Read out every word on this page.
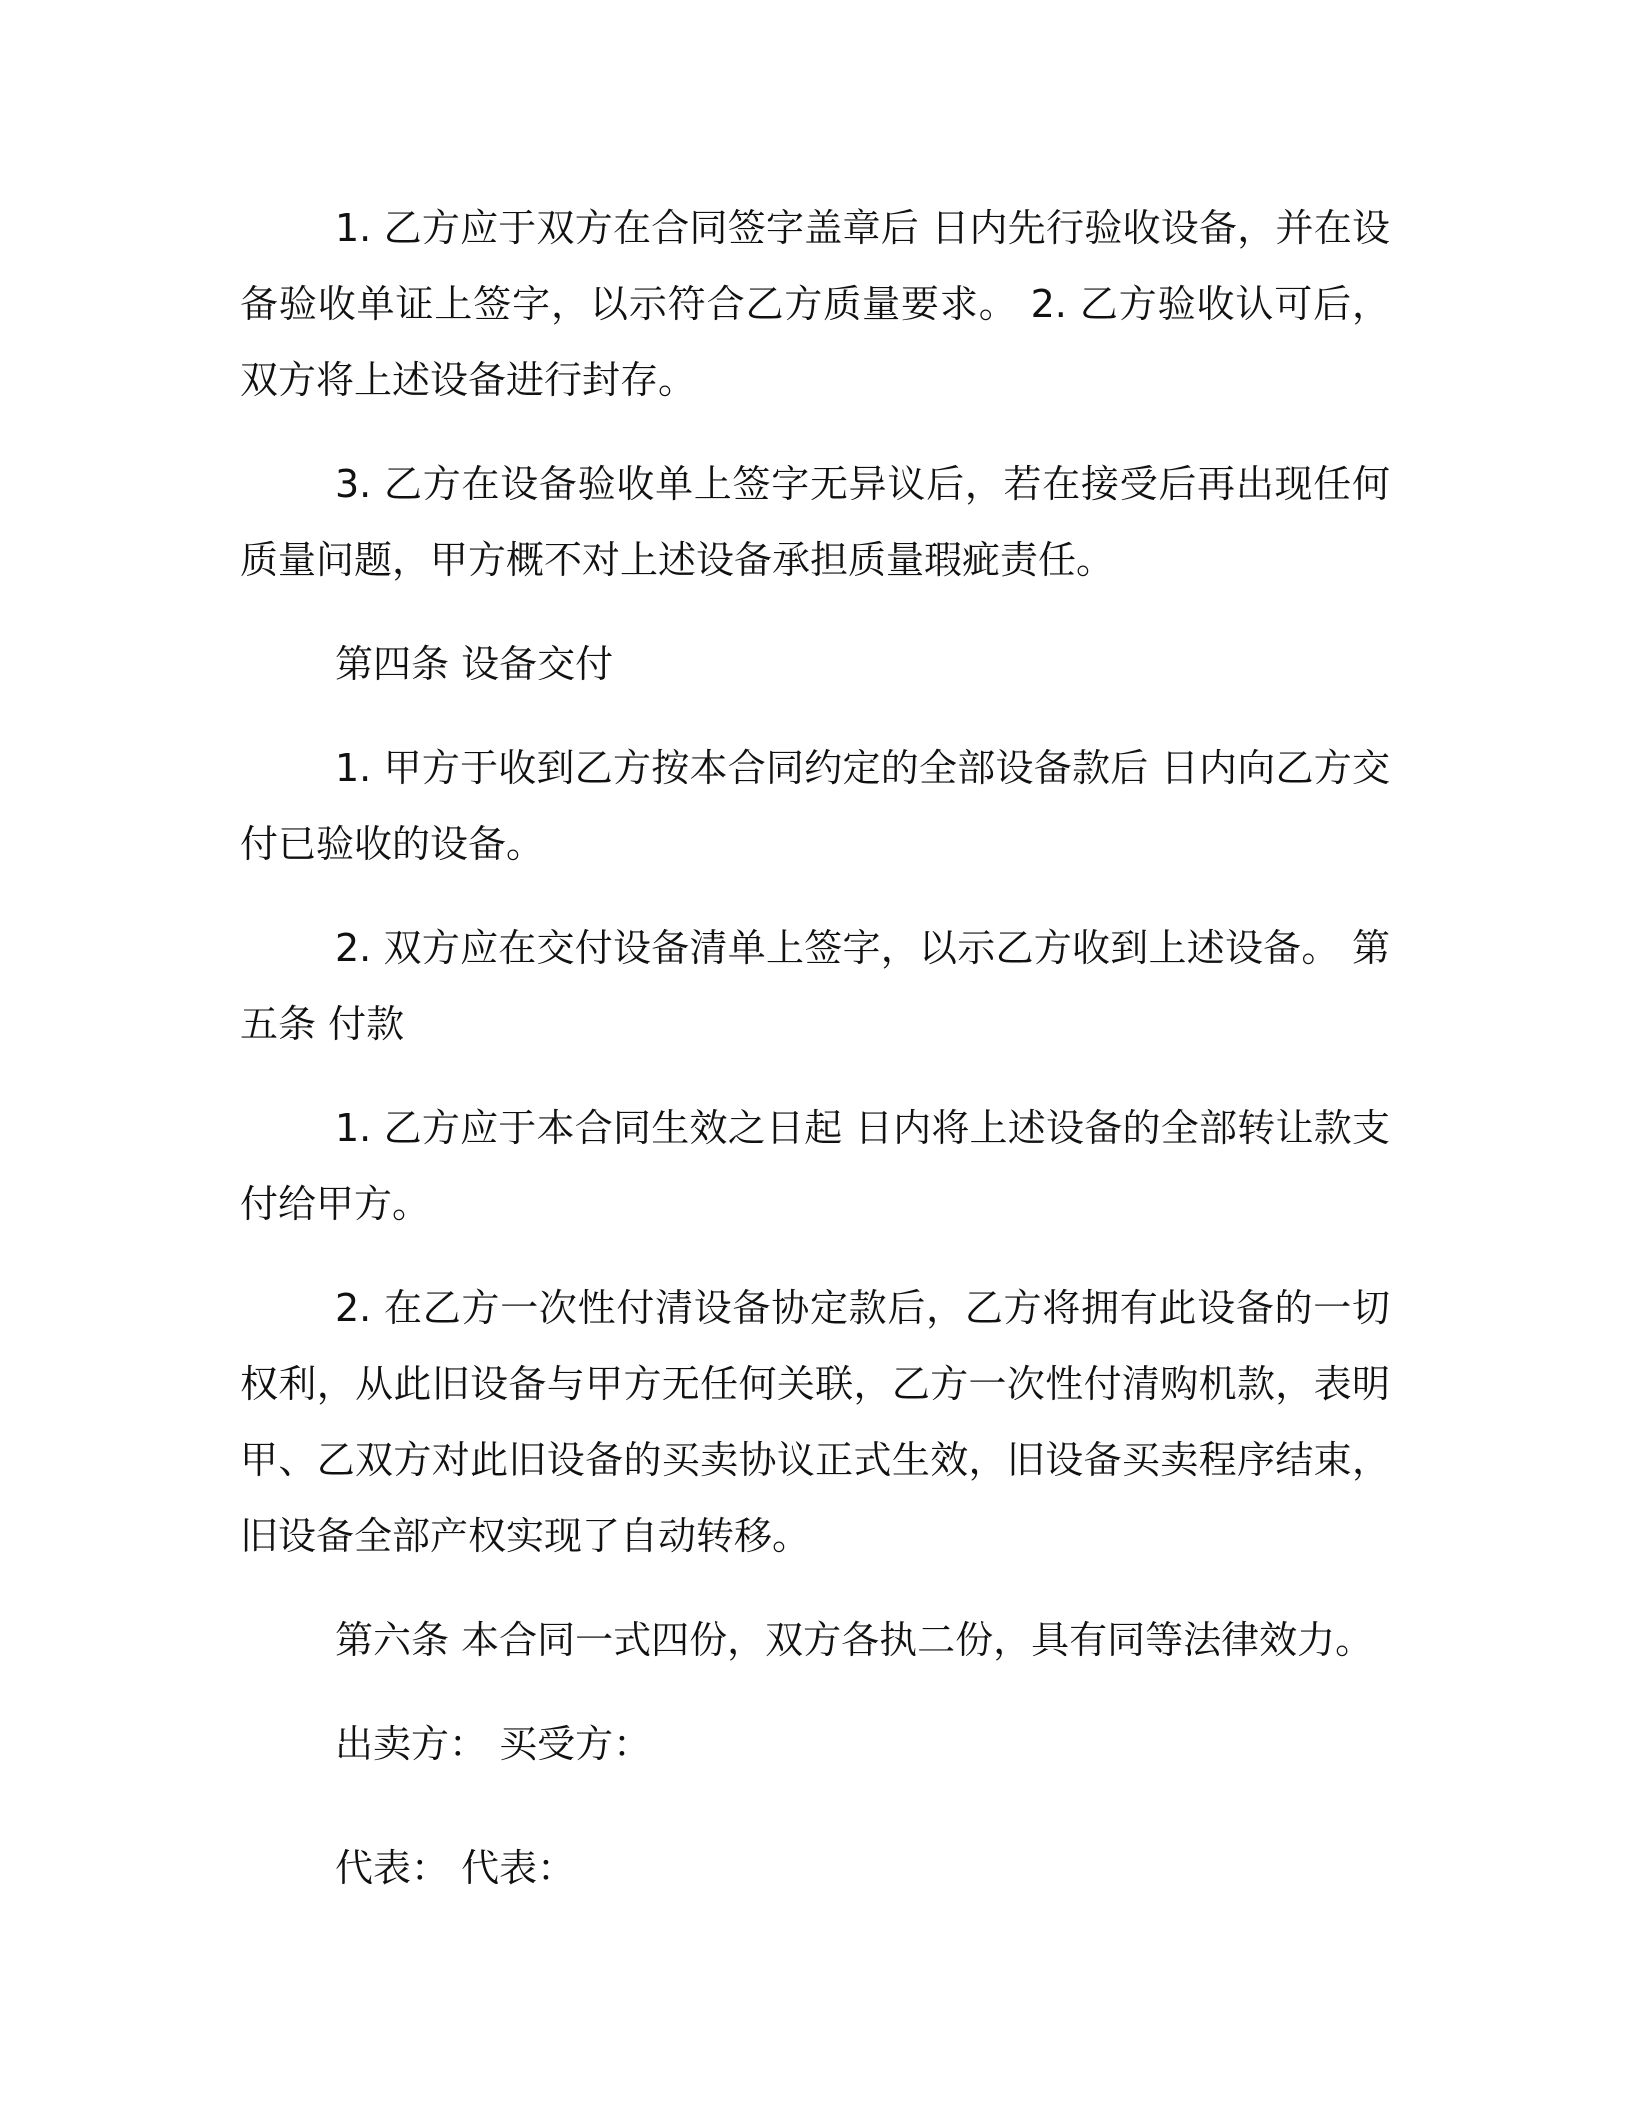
1. 乙方应于双方在合同签字盖章后 日内先行验收设备，并在设备验收单证上签字，以示符合乙方质量要求。 2. 乙方验收认可后，双方将上述设备进行封存。

3. 乙方在设备验收单上签字无异议后，若在接受后再出现任何质量问题，甲方概不对上述设备承担质量瑕疵责任。

第四条 设备交付

1. 甲方于收到乙方按本合同约定的全部设备款后 日内向乙方交付已验收的设备。

2. 双方应在交付设备清单上签字，以示乙方收到上述设备。 第五条 付款

1. 乙方应于本合同生效之日起 日内将上述设备的全部转让款支付给甲方。

2. 在乙方一次性付清设备协定款后，乙方将拥有此设备的一切权利，从此旧设备与甲方无任何关联，乙方一次性付清购机款，表明甲、乙双方对此旧设备的买卖协议正式生效，旧设备买卖程序结束，旧设备全部产权实现了自动转移。

第六条 本合同一式四份，双方各执二份，具有同等法律效力。

出卖方： 买受方：

代表： 代表：
